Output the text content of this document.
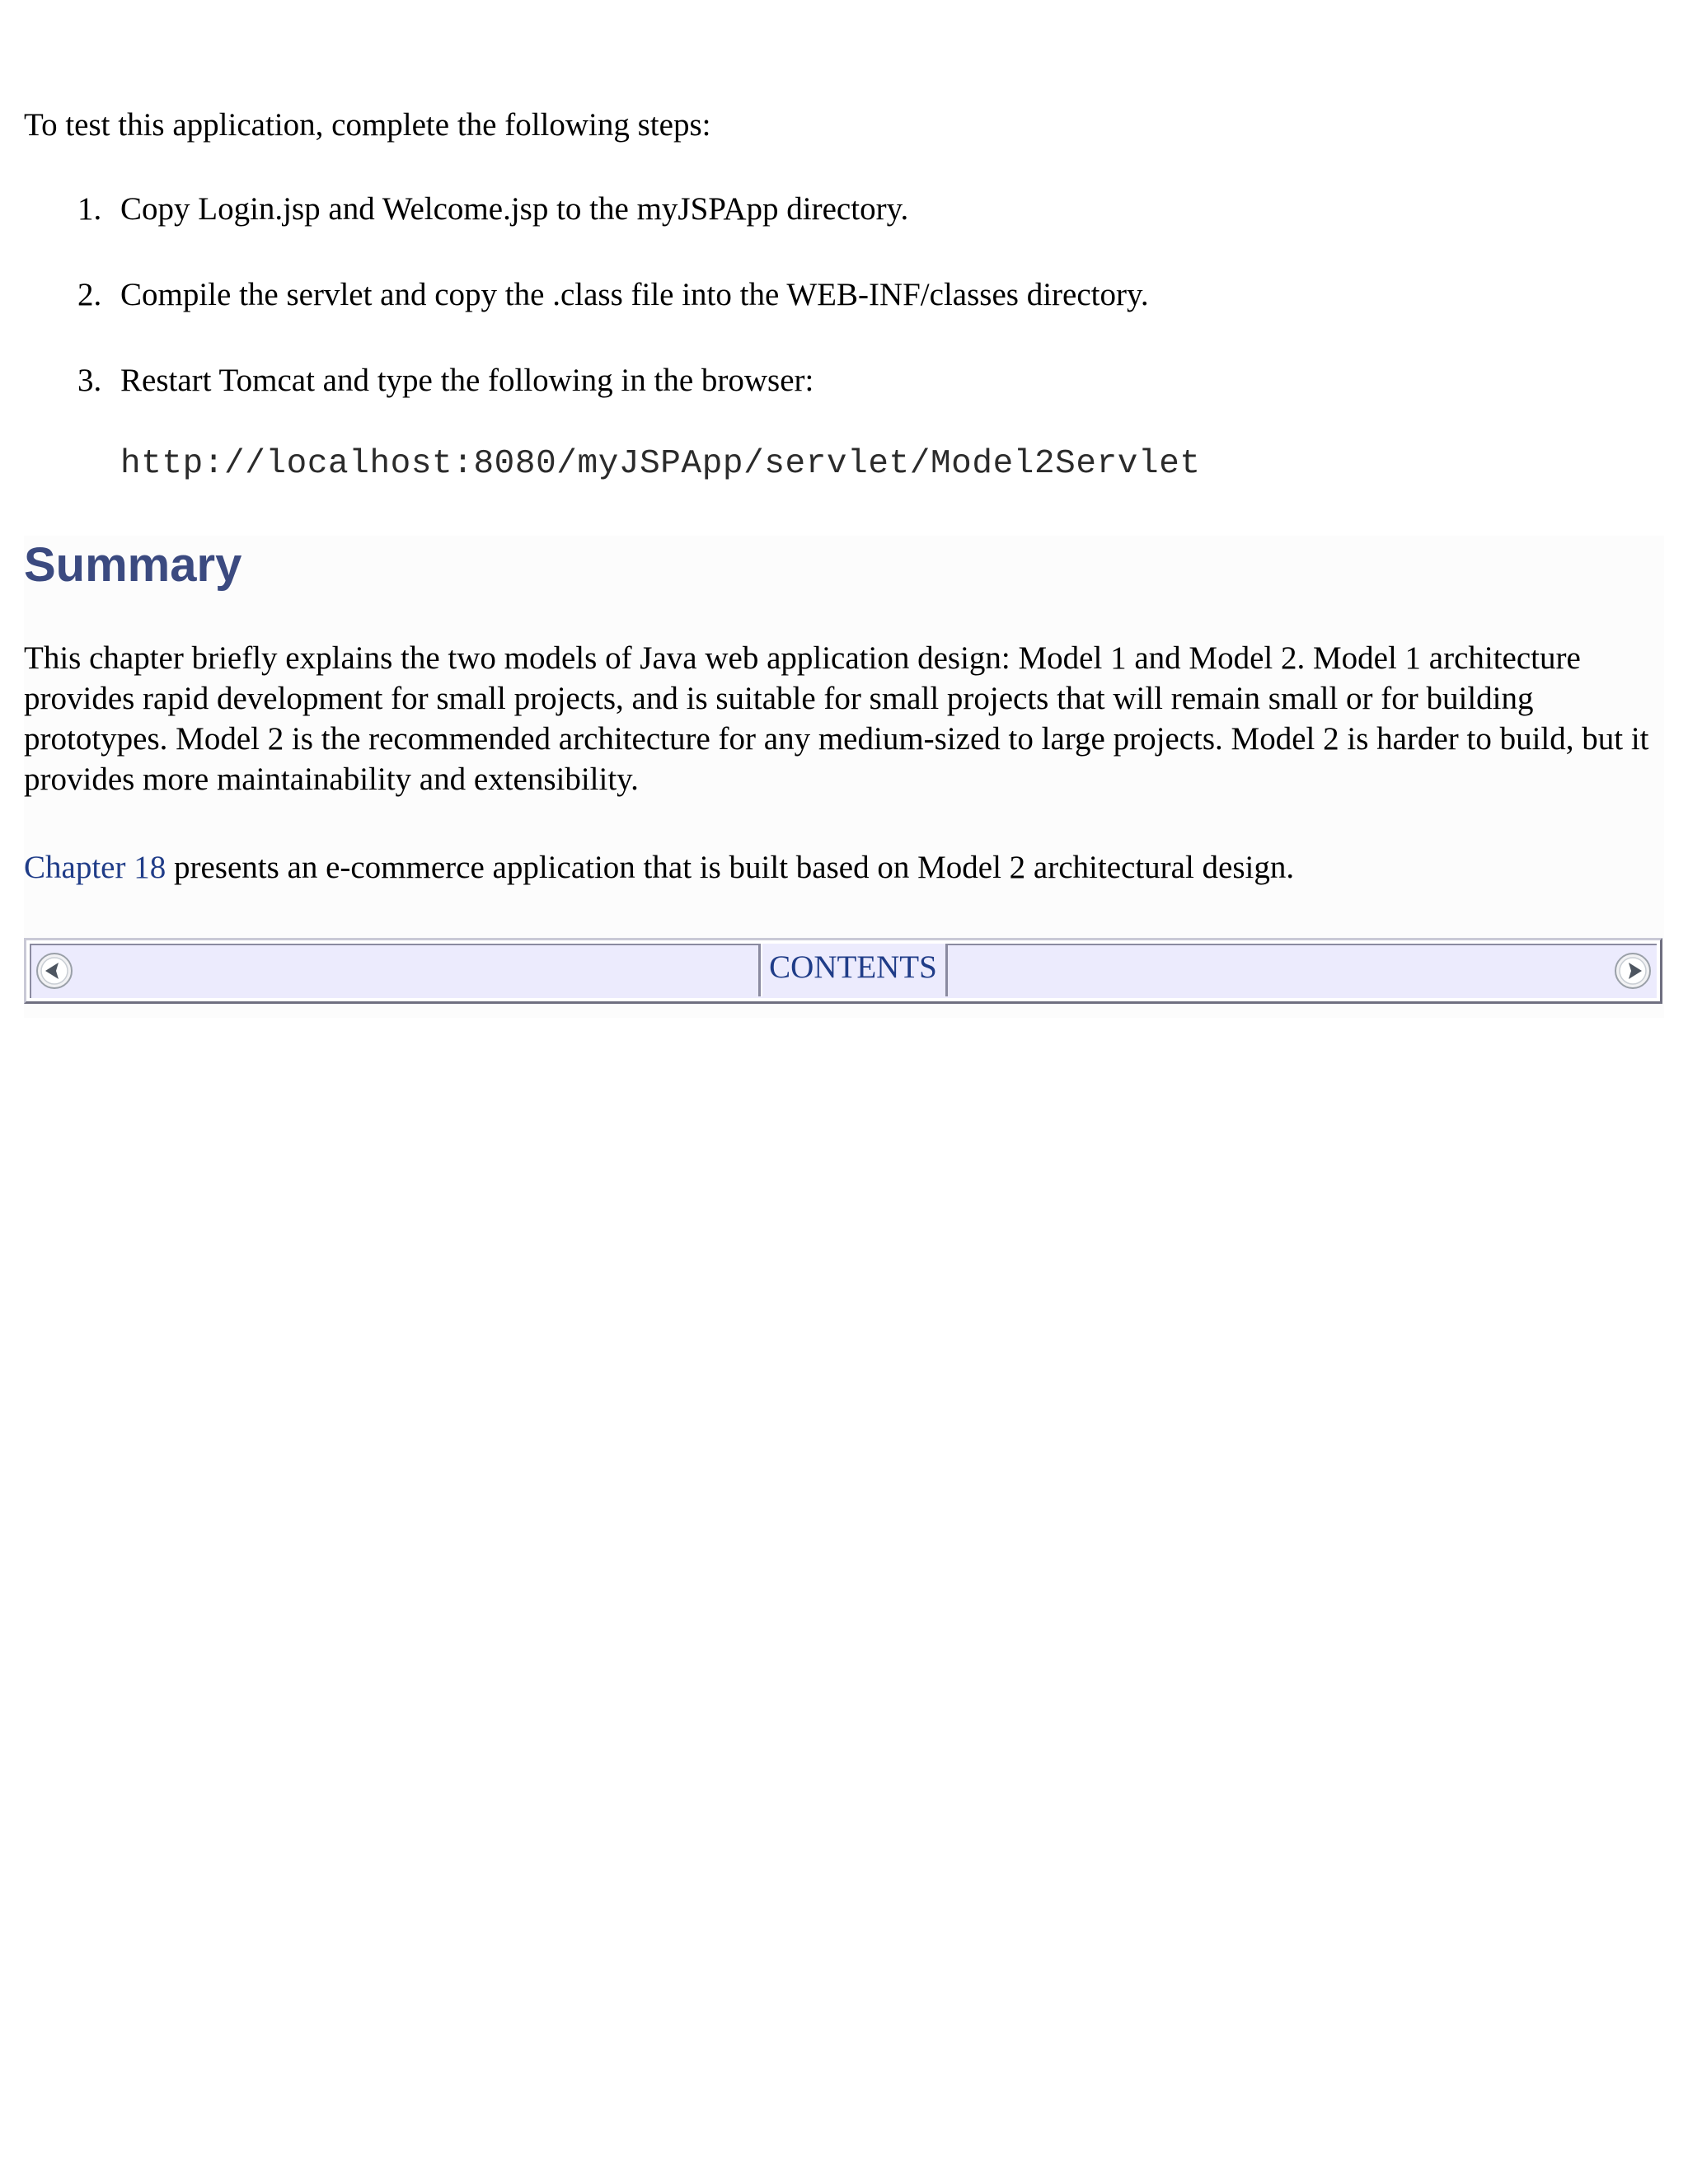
To test this application, complete the following steps:

1. Copy Login.jsp and Welcome.jsp to the myJSPApp directory.
2. Compile the servlet and copy the .class file into the WEB-INF/classes directory.
3. Restart Tomcat and type the following in the browser:
http://localhost:8080/myJSPApp/servlet/Model2Servlet
Summary

This chapter briefly explains the two models of Java web application design: Model 1 and Model 2. Model 1 architecture provides rapid development for small projects, and is suitable for small projects that will remain small or for building prototypes. Model 2 is the recommended architecture for any medium-sized to large projects. Model 2 is harder to build, but it provides more maintainability and extensibility.

Chapter 18 presents an e-commerce application that is built based on Model 2 architectural design.

CONTENTS
